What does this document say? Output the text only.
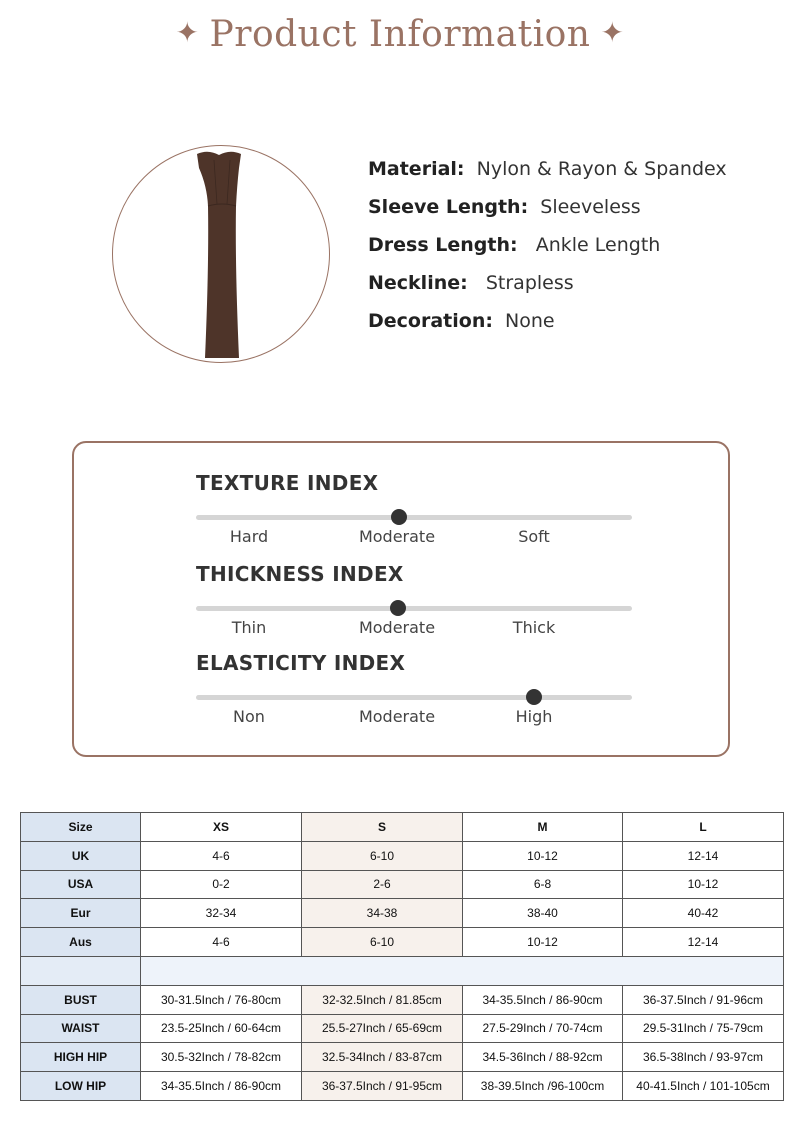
✦ Product Information ✦
Material: Nylon & Rayon & Spandex
Sleeve Length: Sleeveless
Dress Length: Ankle Length
Neckline: Strapless
Decoration: None
TEXTURE INDEX
Hard	Moderate	Soft
THICKNESS INDEX
Thin	Moderate	Thick
ELASTICITY INDEX
Non	Moderate	High
Size	XS	S	M	L
UK	4-6	6-10	10-12	12-14
USA	0-2	2-6	6-8	10-12
Eur	32-34	34-38	38-40	40-42
Aus	4-6	6-10	10-12	12-14

BUST	30-31.5Inch / 76-80cm	32-32.5Inch / 81.85cm	34-35.5Inch / 86-90cm	36-37.5Inch / 91-96cm
WAIST	23.5-25Inch / 60-64cm	25.5-27Inch / 65-69cm	27.5-29Inch / 70-74cm	29.5-31Inch / 75-79cm
HIGH HIP	30.5-32Inch / 78-82cm	32.5-34Inch / 83-87cm	34.5-36Inch / 88-92cm	36.5-38Inch / 93-97cm
LOW HIP	34-35.5Inch / 86-90cm	36-37.5Inch / 91-95cm	38-39.5Inch /96-100cm	40-41.5Inch / 101-105cm
